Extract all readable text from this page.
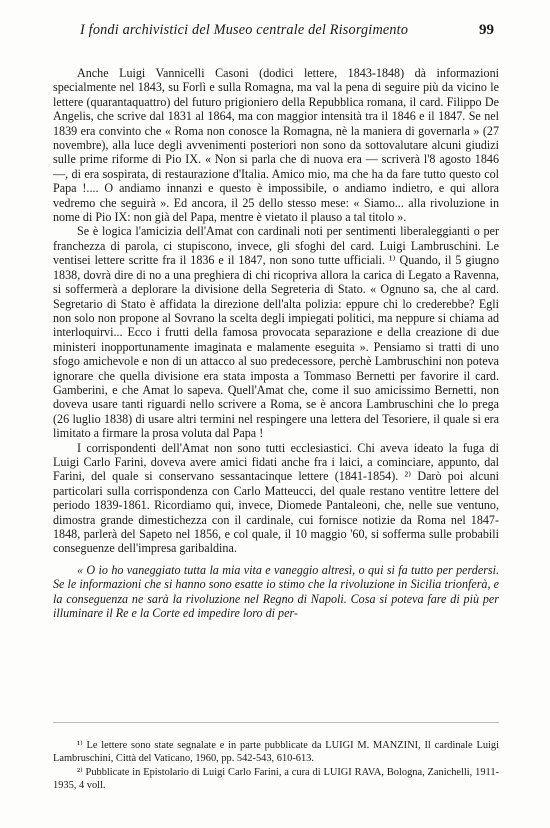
I fondi archivistici del Museo centrale del Risorgimento	99

Anche Luigi Vannicelli Casoni (dodici lettere, 1843-1848) dà informazioni specialmente nel 1843, su Forlì e sulla Romagna, ma val la pena di seguire più da vicino le lettere (quarantaquattro) del futuro prigioniero della Repubblica romana, il card. Filippo De Angelis, che scrive dal 1831 al 1864, ma con maggior intensità tra il 1846 e il 1847. Se nel 1839 era convinto che « Roma non conosce la Romagna, nè la maniera di governarla » (27 novembre), alla luce degli avvenimenti posteriori non sono da sottovalutare alcuni giudizi sulle prime riforme di Pio IX. « Non si parla che di nuova era — scriverà l'8 agosto 1846 —, di era sospirata, di restaurazione d'Italia. Amico mio, ma che ha da fare tutto questo col Papa !.... O andiamo innanzi e questo è impossibile, o andiamo indietro, e qui allora vedremo che seguirà ». Ed ancora, il 25 dello stesso mese: « Siamo... alla rivoluzione in nome di Pio IX: non già del Papa, mentre è vietato il plauso a tal titolo ».

Se è logica l'amicizia dell'Amat con cardinali noti per sentimenti liberaleggianti o per franchezza di parola, ci stupiscono, invece, gli sfoghi del card. Luigi Lambruschini. Le ventisei lettere scritte fra il 1836 e il 1847, non sono tutte ufficiali. ¹⁾ Quando, il 5 giugno 1838, dovrà dire di no a una preghiera di chi ricopriva allora la carica di Legato a Ravenna, si soffermerà a deplorare la divisione della Segreteria di Stato. « Ognuno sa, che al card. Segretario di Stato è affidata la direzione dell'alta polizia: eppure chi lo crederebbe? Egli non solo non propone al Sovrano la scelta degli impiegati politici, ma neppure si chiama ad interloquirvi... Ecco i frutti della famosa provocata separazione e della creazione di due ministeri inopportunamente imaginata e malamente eseguita ». Pensiamo si tratti di uno sfogo amichevole e non di un attacco al suo predecessore, perchè Lambruschini non poteva ignorare che quella divisione era stata imposta a Tommaso Bernetti per favorire il card. Gamberini, e che Amat lo sapeva. Quell'Amat che, come il suo amicissimo Bernetti, non doveva usare tanti riguardi nello scrivere a Roma, se è ancora Lambruschini che lo prega (26 luglio 1838) di usare altri termini nel respingere una lettera del Tesoriere, il quale si era limitato a firmare la prosa voluta dal Papa !

I corrispondenti dell'Amat non sono tutti ecclesiastici. Chi aveva ideato la fuga di Luigi Carlo Farini, doveva avere amici fidati anche fra i laici, a cominciare, appunto, dal Farini, del quale si conservano sessantacinque lettere (1841-1854). ²⁾ Darò poi alcuni particolari sulla corrispondenza con Carlo Matteucci, del quale restano ventitre lettere del periodo 1839-1861. Ricordiamo qui, invece, Diomede Pantaleoni, che, nelle sue ventuno, dimostra grande dimestichezza con il cardinale, cui fornisce notizie da Roma nel 1847-1848, parlerà del Sapeto nel 1856, e col quale, il 10 maggio '60, si soffermа sulle probabili conseguenze dell'impresa garibaldina.

« O io ho vaneggiato tutta la mia vita e vaneggio altresì, o qui si fa tutto per perdersi. Se le informazioni che si hanno sono esatte io stimo che la rivoluzione in Sicilia trionferà, e la conseguenza ne sarà la rivoluzione nel Regno di Napoli. Cosa si poteva fare di più per illuminare il Re e la Corte ed impedire loro di per-

¹⁾ Le lettere sono state segnalate e in parte pubblicate da LUIGI M. MANZINI, Il cardinale Luigi Lambruschini, Città del Vaticano, 1960, pp. 542-543, 610-613.

²⁾ Pubblicate in Epistolario di Luigi Carlo Farini, a cura di LUIGI RAVA, Bologna, Zanichelli, 1911-1935, 4 voll.
